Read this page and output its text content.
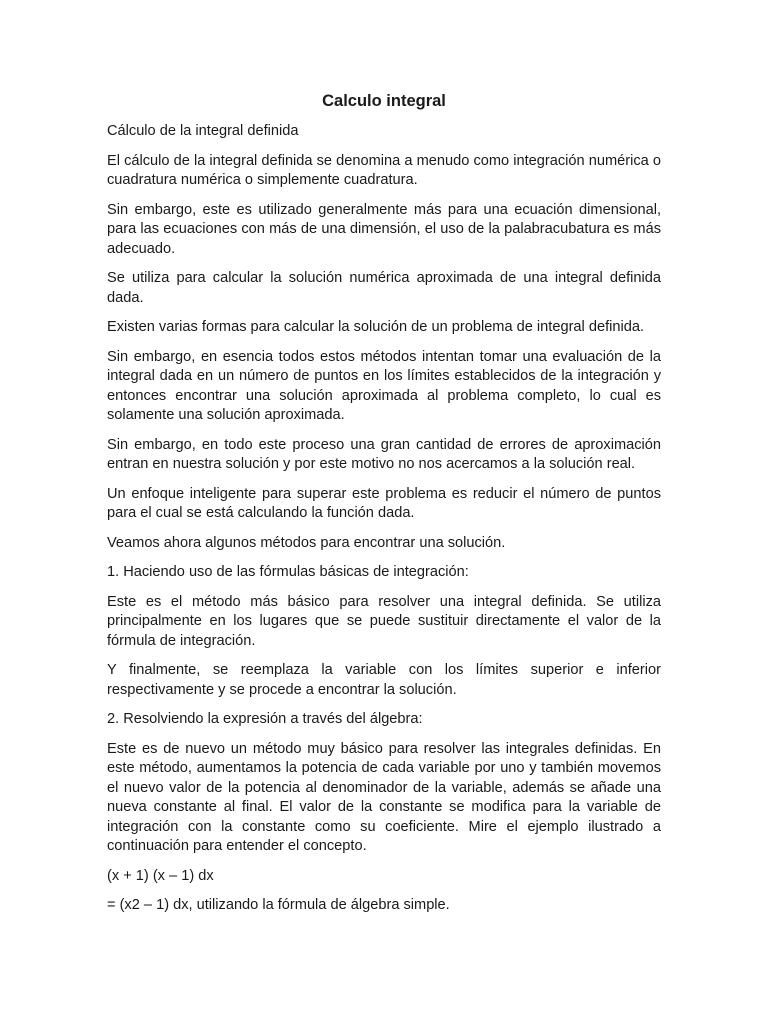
Calculo integral

Cálculo de la integral definida

El cálculo de la integral definida se denomina a menudo como integración numérica o cuadratura numérica o simplemente cuadratura.

Sin embargo, este es utilizado generalmente más para una ecuación dimensional, para las ecuaciones con más de una dimensión, el uso de la palabracubatura es más adecuado.

Se utiliza para calcular la solución numérica aproximada de una integral definida dada.

Existen varias formas para calcular la solución de un problema de integral definida.

Sin embargo, en esencia todos estos métodos intentan tomar una evaluación de la integral dada en un número de puntos en los límites establecidos de la integración y entonces encontrar una solución aproximada al problema completo, lo cual es solamente una solución aproximada.

Sin embargo, en todo este proceso una gran cantidad de errores de aproximación entran en nuestra solución y por este motivo no nos acercamos a la solución real.

Un enfoque inteligente para superar este problema es reducir el número de puntos para el cual se está calculando la función dada.

Veamos ahora algunos métodos para encontrar una solución.

1. Haciendo uso de las fórmulas básicas de integración:

Este es el método más básico para resolver una integral definida. Se utiliza principalmente en los lugares que se puede sustituir directamente el valor de la fórmula de integración.

Y finalmente, se reemplaza la variable con los límites superior e inferior respectivamente y se procede a encontrar la solución.

2. Resolviendo la expresión a través del álgebra:

Este es de nuevo un método muy básico para resolver las integrales definidas. En este método, aumentamos la potencia de cada variable por uno y también movemos el nuevo valor de la potencia al denominador de la variable, además se añade una nueva constante al final. El valor de la constante se modifica para la variable de integración con la constante como su coeficiente. Mire el ejemplo ilustrado a continuación para entender el concepto.

(x + 1) (x – 1) dx

= (x2 – 1) dx, utilizando la fórmula de álgebra simple.
